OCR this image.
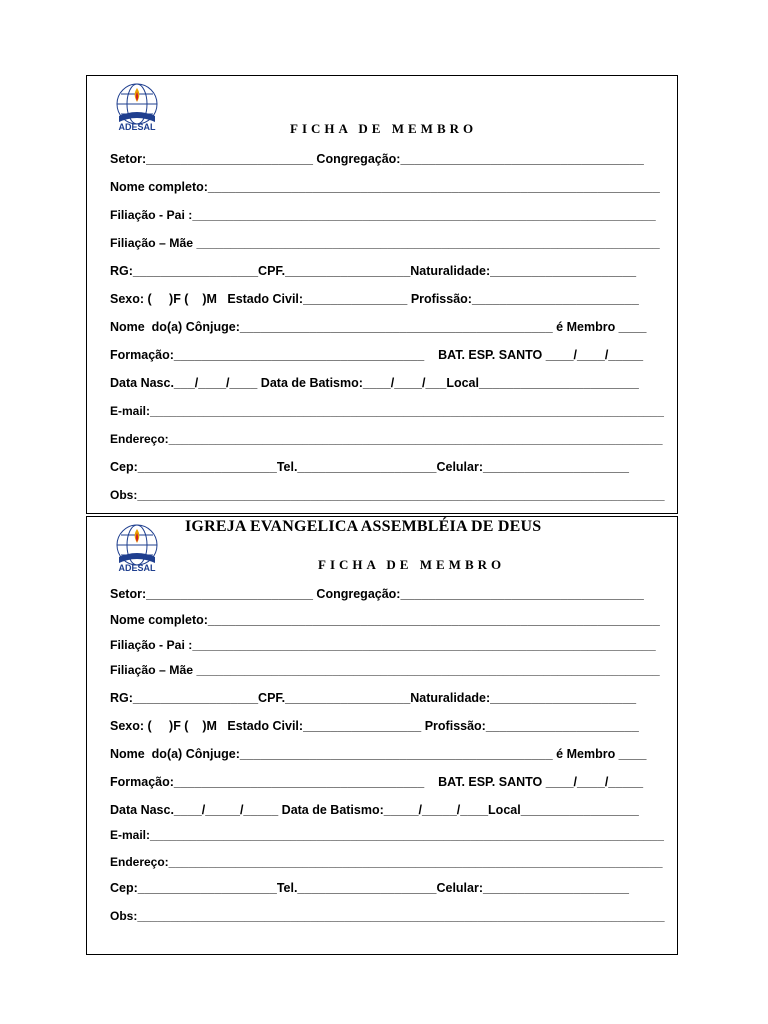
ADESAL	FICHA DE MEMBRO
Setor:________________________ Congregação:___________________________________
Nome completo:_________________________________________________________________
Filiação - Pai :____________________________________________________________________
Filiação – Mãe ____________________________________________________________________
RG:__________________CPF.__________________Naturalidade:_____________________
Sexo: (     )F (    )M   Estado Civil:_______________ Profissão:________________________
Nome  do(a) Cônjuge:_____________________________________________ é Membro ____
Formação:____________________________________    BAT. ESP. SANTO ____/____/_____
Data Nasc.___/____/____ Data de Batismo:____/____/___Local_______________________
E-mail:_____________________________________________________________________________
Endereço:__________________________________________________________________________
Cep:____________________Tel.____________________Celular:_____________________
Obs:_______________________________________________________________________________
ADESAL
IGREJA EVANGELICA ASSEMBLÉIA DE DEUS
FICHA DE MEMBRO
Setor:________________________ Congregação:___________________________________
Nome completo:_________________________________________________________________
Filiação - Pai :____________________________________________________________________
Filiação – Mãe ____________________________________________________________________
RG:__________________CPF.__________________Naturalidade:_____________________
Sexo: (     )F (    )M   Estado Civil:_________________ Profissão:______________________
Nome  do(a) Cônjuge:_____________________________________________ é Membro ____
Formação:____________________________________    BAT. ESP. SANTO ____/____/_____
Data Nasc.____/_____/_____ Data de Batismo:_____/_____/____Local_________________
E-mail:_____________________________________________________________________________
Endereço:__________________________________________________________________________
Cep:____________________Tel.____________________Celular:_____________________
Obs:_______________________________________________________________________________
